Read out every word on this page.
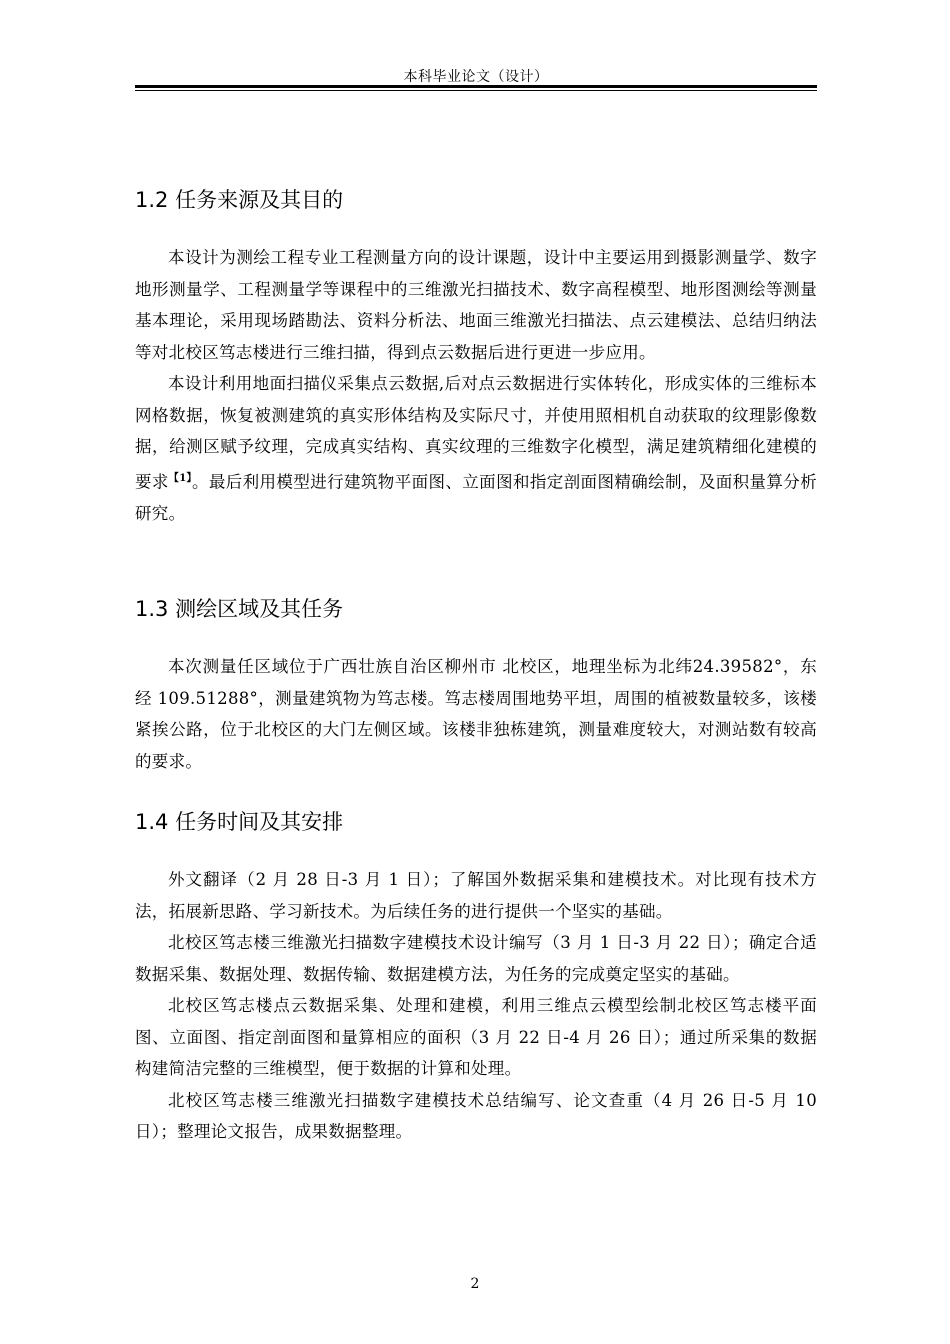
本科毕业论文（设计）
1.2 任务来源及其目的

本设计为测绘工程专业工程测量方向的设计课题，设计中主要运用到摄影测量学、数字地形测量学、工程测量学等课程中的三维激光扫描技术、数字高程模型、地形图测绘等测量基本理论，采用现场踏勘法、资料分析法、地面三维激光扫描法、点云建模法、总结归纳法等对北校区笃志楼进行三维扫描，得到点云数据后进行更进一步应用。

本设计利用地面扫描仪采集点云数据,后对点云数据进行实体转化，形成实体的三维标本网格数据，恢复被测建筑的真实形体结构及实际尺寸，并使用照相机自动获取的纹理影像数据，给测区赋予纹理，完成真实结构、真实纹理的三维数字化模型，满足建筑精细化建模的要求$^{【1】}$。最后利用模型进行建筑物平面图、立面图和指定剖面图精确绘制，及面积量算分析研究。

1.3 测绘区域及其任务

本次测量任区域位于广西壮族自治区柳州市 北校区，地理坐标为北纬24.39582°，东经 109.51288°，测量建筑物为笃志楼。笃志楼周围地势平坦，周围的植被数量较多，该楼紧挨公路，位于北校区的大门左侧区域。该楼非独栋建筑，测量难度较大，对测站数有较高的要求。

1.4 任务时间及其安排

外文翻译（2 月 28 日-3 月 1 日）；了解国外数据采集和建模技术。对比现有技术方法，拓展新思路、学习新技术。为后续任务的进行提供一个坚实的基础。

北校区笃志楼三维激光扫描数字建模技术设计编写（3 月 1 日-3 月 22 日）；确定合适数据采集、数据处理、数据传输、数据建模方法，为任务的完成奠定坚实的基础。

北校区笃志楼点云数据采集、处理和建模，利用三维点云模型绘制北校区笃志楼平面图、立面图、指定剖面图和量算相应的面积（3 月 22 日-4 月 26 日）；通过所采集的数据构建简洁完整的三维模型，便于数据的计算和处理。

北校区笃志楼三维激光扫描数字建模技术总结编写、论文查重（4 月 26 日-5 月 10 日）；整理论文报告，成果数据整理。

2
